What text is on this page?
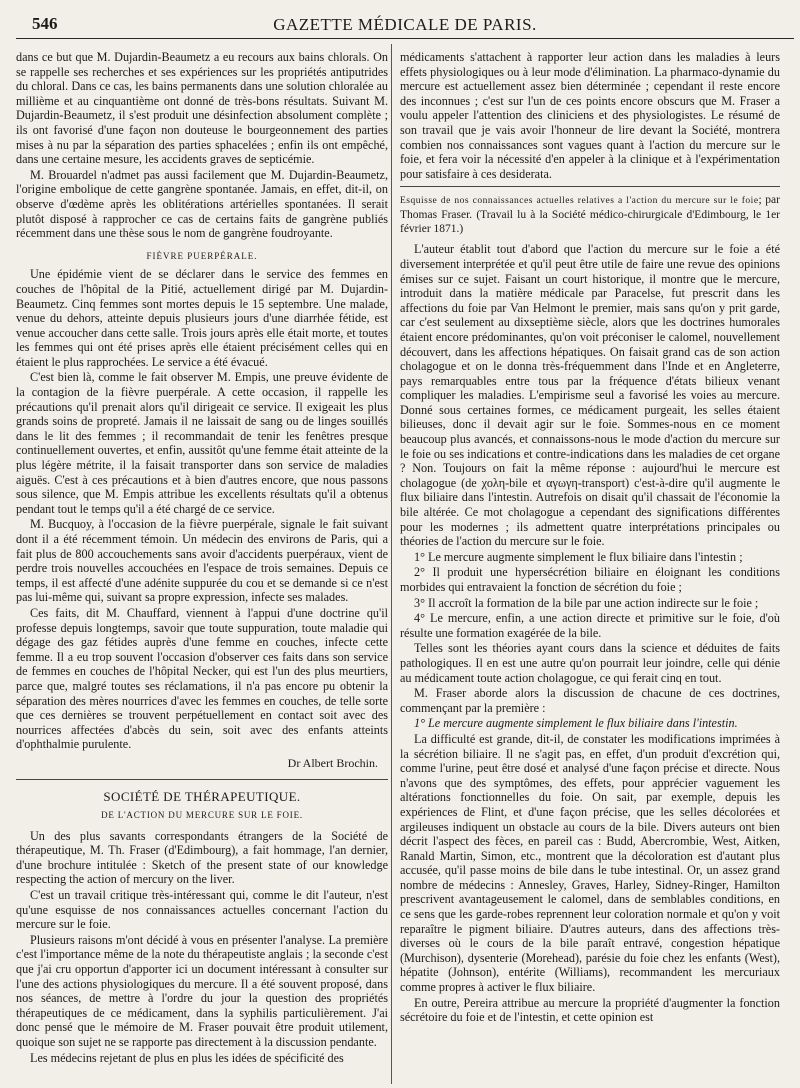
546	GAZETTE MÉDICALE DE PARIS.

dans ce but que M. Dujardin-Beaumetz a eu recours aux bains chlorals. On se rappelle ses recherches et ses expériences sur les propriétés antiputrides du chloral. Dans ce cas, les bains permanents dans une solution chloralée au millième et au cinquantième ont donné de très-bons résultats. Suivant M. Dujardin-Beaumetz, il s'est produit une désinfection absolument complète ; ils ont favorisé d'une façon non douteuse le bourgeonnement des parties mises à nu par la séparation des parties sphacelées ; enfin ils ont empêché, dans une certaine mesure, les accidents graves de septicémie.

M. Brouardel n'admet pas aussi facilement que M. Dujardin-Beaumetz, l'origine embolique de cette gangrène spontanée. Jamais, en effet, dit-il, on observe d'œdème après les oblitérations artérielles spontanées. Il serait plutôt disposé à rapprocher ce cas de certains faits de gangrène publiés récemment dans une thèse sous le nom de gangrène foudroyante.

FIÈVRE PUERPÉRALE.

Une épidémie vient de se déclarer dans le service des femmes en couches de l'hôpital de la Pitié, actuellement dirigé par M. Dujardin-Beaumetz. Cinq femmes sont mortes depuis le 15 septembre. Une malade, venue du dehors, atteinte depuis plusieurs jours d'une diarrhée fétide, est venue accoucher dans cette salle. Trois jours après elle était morte, et toutes les femmes qui ont été prises après elle étaient précisément celles qui en étaient le plus rapprochées. Le service a été évacué.

C'est bien là, comme le fait observer M. Empis, une preuve évidente de la contagion de la fièvre puerpérale. A cette occasion, il rappelle les précautions qu'il prenait alors qu'il dirigeait ce service. Il exigeait les plus grands soins de propreté. Jamais il ne laissait de sang ou de linges souillés dans le lit des femmes ; il recommandait de tenir les fenêtres presque continuellement ouvertes, et enfin, aussitôt qu'une femme était atteinte de la plus légère métrite, il la faisait transporter dans son service de maladies aiguës. C'est à ces précautions et à bien d'autres encore, que nous passons sous silence, que M. Empis attribue les excellents résultats qu'il a obtenus pendant tout le temps qu'il a été chargé de ce service.

M. Bucquoy, à l'occasion de la fièvre puerpérale, signale le fait suivant dont il a été récemment témoin. Un médecin des environs de Paris, qui a fait plus de 800 accouchements sans avoir d'accidents puerpéraux, vient de perdre trois nouvelles accouchées en l'espace de trois semaines. Depuis ce temps, il est affecté d'une adénite suppurée du cou et se demande si ce n'est pas lui-même qui, suivant sa propre expression, infecte ses malades.

Ces faits, dit M. Chauffard, viennent à l'appui d'une doctrine qu'il professe depuis longtemps, savoir que toute suppuration, toute maladie qui dégage des gaz fétides auprès d'une femme en couches, infecte cette femme. Il a eu trop souvent l'occasion d'observer ces faits dans son service de femmes en couches de l'hôpital Necker, qui est l'un des plus meurtiers, parce que, malgré toutes ses réclamations, il n'a pas encore pu obtenir la séparation des mères nourrices d'avec les femmes en couches, de telle sorte que ces dernières se trouvent perpétuellement en contact soit avec des nourrices affectées d'abcès du sein, soit avec des enfants atteints d'ophthalmie purulente.

Dr Albert Brochin.

SOCIÉTÉ DE THÉRAPEUTIQUE.

DE L'ACTION DU MERCURE SUR LE FOIE.

Un des plus savants correspondants étrangers de la Société de thérapeutique, M. Th. Fraser (d'Edimbourg), a fait hommage, l'an dernier, d'une brochure intitulée : Sketch of the present state of our knowledge respecting the action of mercury on the liver.

C'est un travail critique très-intéressant qui, comme le dit l'auteur, n'est qu'une esquisse de nos connaissances actuelles concernant l'action du mercure sur le foie.

Plusieurs raisons m'ont décidé à vous en présenter l'analyse. La première c'est l'importance même de la note du thérapeutiste anglais ; la seconde c'est que j'ai cru opportun d'apporter ici un document intéressant à consulter sur l'une des actions physiologiques du mercure. Il a été souvent proposé, dans nos séances, de mettre à l'ordre du jour la question des propriétés thérapeutiques de ce médicament, dans la syphilis particulièrement. J'ai donc pensé que le mémoire de M. Fraser pouvait être produit utilement, quoique son sujet ne se rapporte pas directement à la discussion pendante.

Les médecins rejetant de plus en plus les idées de spécificité des

médicaments s'attachent à rapporter leur action dans les maladies à leurs effets physiologiques ou à leur mode d'élimination. La pharmaco-dynamie du mercure est actuellement assez bien déterminée ; cependant il reste encore des inconnues ; c'est sur l'un de ces points encore obscurs que M. Fraser a voulu appeler l'attention des cliniciens et des physiologistes. Le résumé de son travail que je vais avoir l'honneur de lire devant la Société, montrera combien nos connaissances sont vagues quant à l'action du mercure sur le foie, et fera voir la nécessité d'en appeler à la clinique et à l'expérimentation pour satisfaire à ces desiderata.

Esquisse de nos connaissances actuelles relatives a l'action du mercure sur le foie; par Thomas Fraser. (Travail lu à la Société médico-chirurgicale d'Edimbourg, le 1er février 1871.)

L'auteur établit tout d'abord que l'action du mercure sur le foie a été diversement interprétée et qu'il peut être utile de faire une revue des opinions émises sur ce sujet. Faisant un court historique, il montre que le mercure, introduit dans la matière médicale par Paracelse, fut prescrit dans les affections du foie par Van Helmont le premier, mais sans qu'on y prit garde, car c'est seulement au dixseptième siècle, alors que les doctrines humorales étaient encore prédominantes, qu'on voit préconiser le calomel, nouvellement découvert, dans les affections hépatiques. On faisait grand cas de son action cholagogue et on le donna très-fréquemment dans l'Inde et en Angleterre, pays remarquables entre tous par la fréquence d'états bilieux venant compliquer les maladies. L'empirisme seul a favorisé les voies au mercure. Donné sous certaines formes, ce médicament purgeait, les selles étaient bilieuses, donc il devait agir sur le foie. Sommes-nous en ce moment beaucoup plus avancés, et connaissons-nous le mode d'action du mercure sur le foie ou ses indications et contre-indications dans les maladies de cet organe ? Non. Toujours on fait la même réponse : aujourd'hui le mercure est cholagogue (de χολη-bile et αγωγη-transport) c'est-à-dire qu'il augmente le flux biliaire dans l'intestin. Autrefois on disait qu'il chassait de l'économie la bile altérée. Ce mot cholagogue a cependant des significations différentes pour les modernes ; ils admettent quatre interprétations principales ou théories de l'action du mercure sur le foie.

1° Le mercure augmente simplement le flux biliaire dans l'intestin ;

2° Il produit une hypersécrétion biliaire en éloignant les conditions morbides qui entravaient la fonction de sécrétion du foie ;

3° Il accroît la formation de la bile par une action indirecte sur le foie ;

4° Le mercure, enfin, a une action directe et primitive sur le foie, d'où résulte une formation exagérée de la bile.

Telles sont les théories ayant cours dans la science et déduites de faits pathologiques. Il en est une autre qu'on pourrait leur joindre, celle qui dénie au médicament toute action cholagogue, ce qui ferait cinq en tout.

M. Fraser aborde alors la discussion de chacune de ces doctrines, commençant par la première :

1° Le mercure augmente simplement le flux biliaire dans l'intestin.

La difficulté est grande, dit-il, de constater les modifications imprimées à la sécrétion biliaire. Il ne s'agit pas, en effet, d'un produit d'excrétion qui, comme l'urine, peut être dosé et analysé d'une façon précise et directe. Nous n'avons que des symptômes, des effets, pour apprécier vaguement les altérations fonctionnelles du foie. On sait, par exemple, depuis les expériences de Flint, et d'une façon précise, que les selles décolorées et argileuses indiquent un obstacle au cours de la bile. Divers auteurs ont bien décrit l'aspect des fèces, en pareil cas : Budd, Abercrombie, West, Aitken, Ranald Martin, Simon, etc., montrent que la décoloration est d'autant plus accusée, qu'il passe moins de bile dans le tube intestinal. Or, un assez grand nombre de médecins : Annesley, Graves, Harley, Sidney-Ringer, Hamilton prescrivent avantageusement le calomel, dans de semblables conditions, en ce sens que les garde-robes reprennent leur coloration normale et qu'on y voit reparaître le pigment biliaire. D'autres auteurs, dans des affections très-diverses où le cours de la bile paraît entravé, congestion hépatique (Murchison), dysenterie (Morehead), parésie du foie chez les enfants (West), hépatite (Johnson), entérite (Williams), recommandent les mercuriaux comme propres à activer le flux biliaire.

En outre, Pereira attribue au mercure la propriété d'augmenter la fonction sécrétoire du foie et de l'intestin, et cette opinion est
